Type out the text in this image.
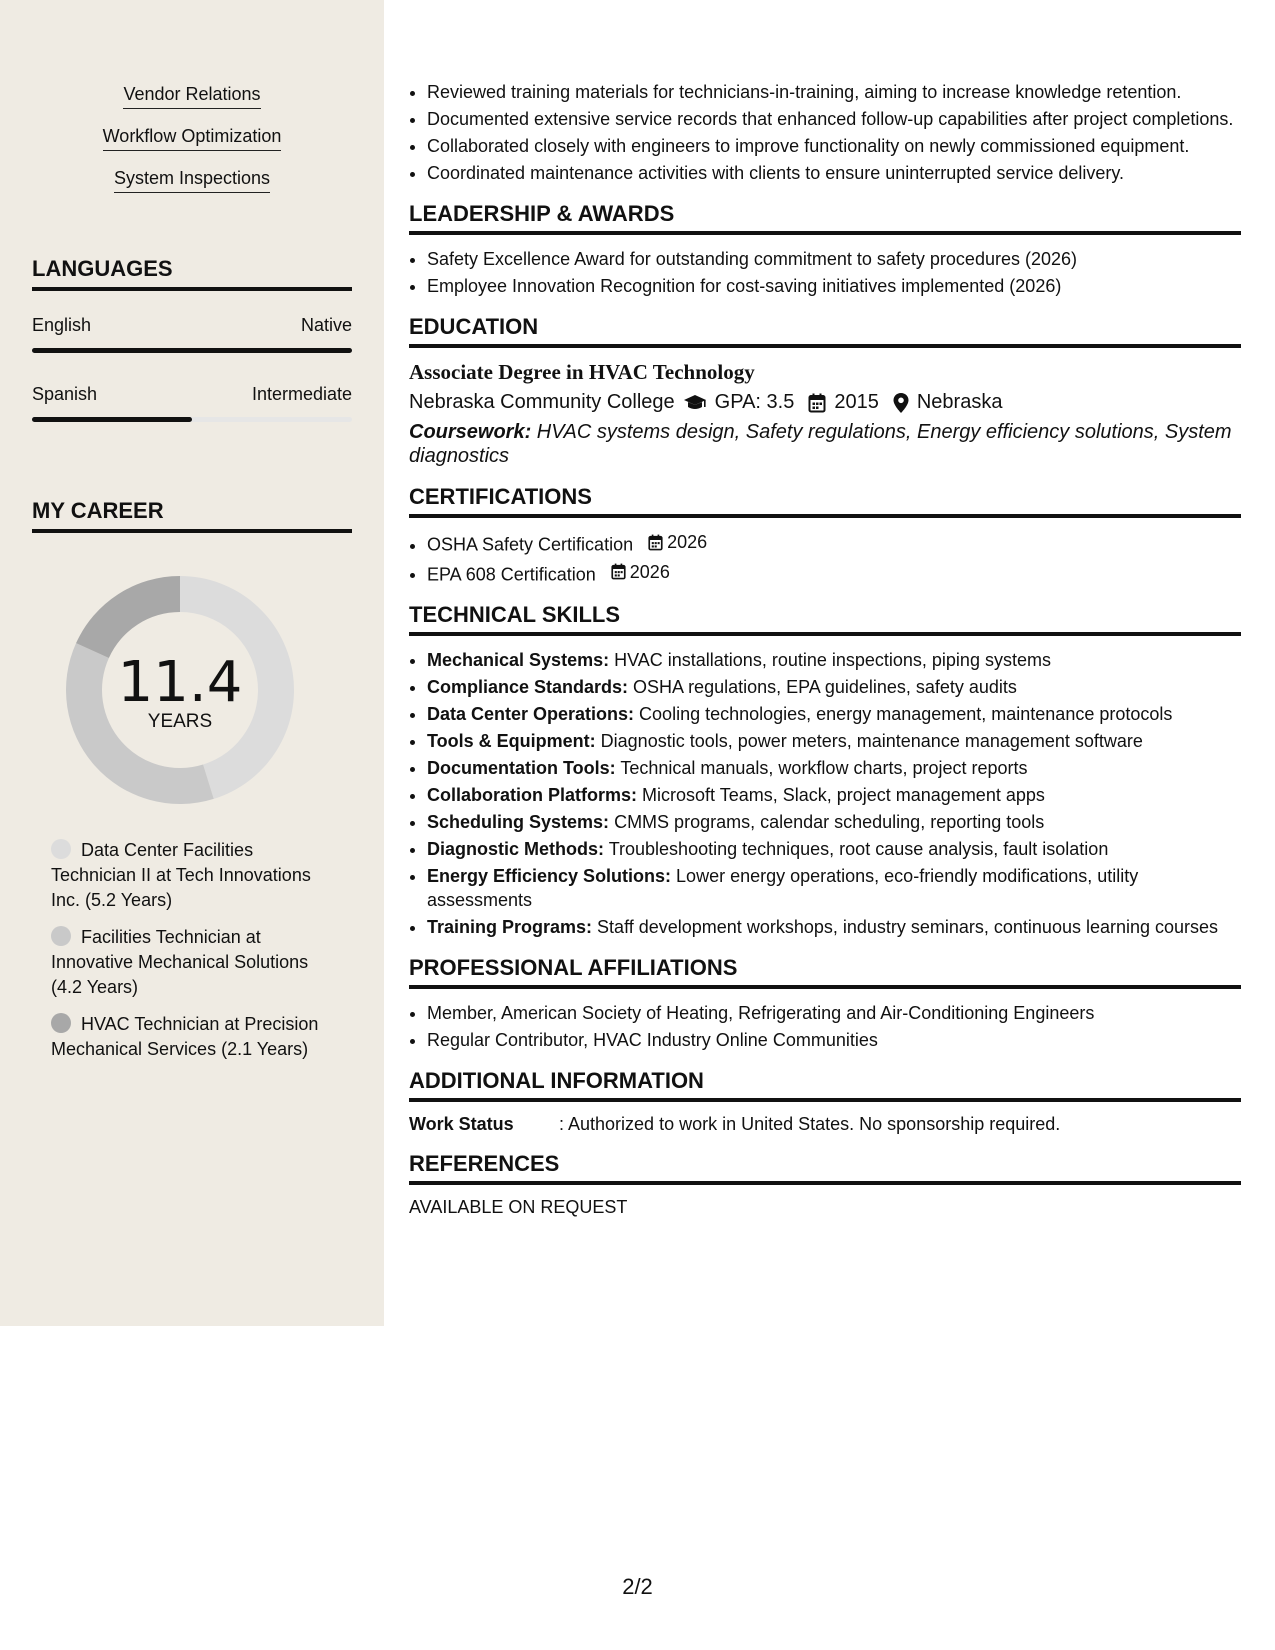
Vendor Relations
Workflow Optimization
System Inspections
LANGUAGES
English	Native
Spanish	Intermediate
MY CAREER
11.4
YEARS
Data Center Facilities Technician II at Tech Innovations Inc. (5.2 Years)
Facilities Technician at Innovative Mechanical Solutions (4.2 Years)
HVAC Technician at Precision Mechanical Services (2.1 Years)
• Reviewed training materials for technicians-in-training, aiming to increase knowledge retention.
• Documented extensive service records that enhanced follow-up capabilities after project completions.
• Collaborated closely with engineers to improve functionality on newly commissioned equipment.
• Coordinated maintenance activities with clients to ensure uninterrupted service delivery.
LEADERSHIP & AWARDS
• Safety Excellence Award for outstanding commitment to safety procedures (2026)
• Employee Innovation Recognition for cost-saving initiatives implemented (2026)
EDUCATION
Associate Degree in HVAC Technology
Nebraska Community College GPA: 3.5 2015 Nebraska
Coursework: HVAC systems design, Safety regulations, Energy efficiency solutions, System diagnostics
CERTIFICATIONS
• OSHA Safety Certification 2026
• EPA 608 Certification 2026
TECHNICAL SKILLS
• Mechanical Systems: HVAC installations, routine inspections, piping systems
• Compliance Standards: OSHA regulations, EPA guidelines, safety audits
• Data Center Operations: Cooling technologies, energy management, maintenance protocols
• Tools & Equipment: Diagnostic tools, power meters, maintenance management software
• Documentation Tools: Technical manuals, workflow charts, project reports
• Collaboration Platforms: Microsoft Teams, Slack, project management apps
• Scheduling Systems: CMMS programs, calendar scheduling, reporting tools
• Diagnostic Methods: Troubleshooting techniques, root cause analysis, fault isolation
• Energy Efficiency Solutions: Lower energy operations, eco-friendly modifications, utility assessments
• Training Programs: Staff development workshops, industry seminars, continuous learning courses
PROFESSIONAL AFFILIATIONS
• Member, American Society of Heating, Refrigerating and Air-Conditioning Engineers
• Regular Contributor, HVAC Industry Online Communities
ADDITIONAL INFORMATION
Work Status	: Authorized to work in United States. No sponsorship required.
REFERENCES
AVAILABLE ON REQUEST
2/2
